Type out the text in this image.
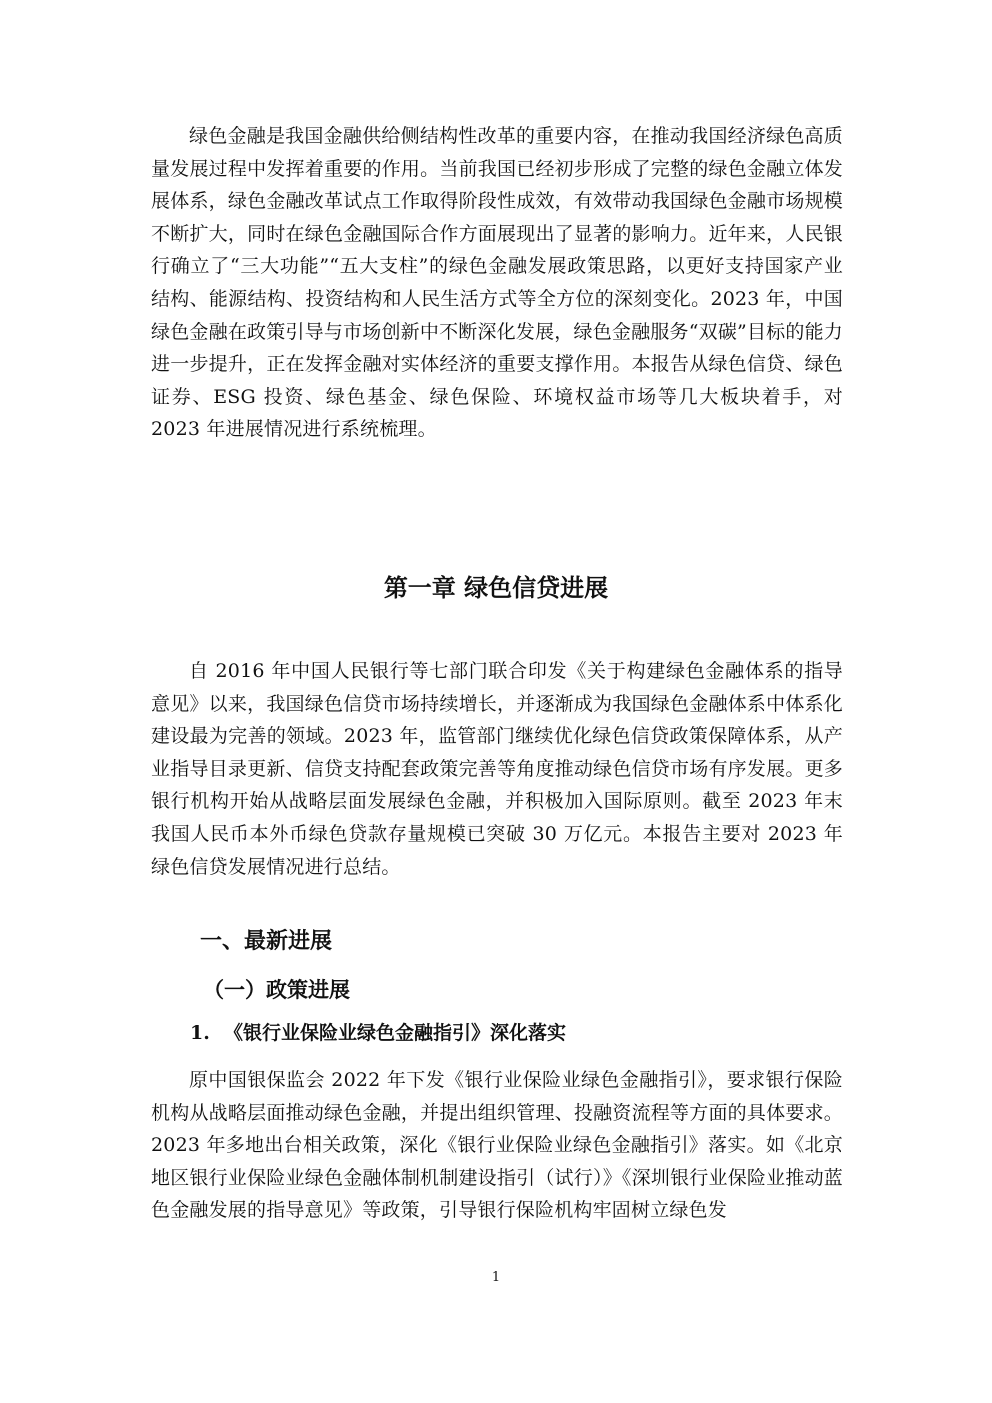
绿色金融是我国金融供给侧结构性改革的重要内容，在推动我国经济绿色高质量发展过程中发挥着重要的作用。当前我国已经初步形成了完整的绿色金融立体发展体系，绿色金融改革试点工作取得阶段性成效，有效带动我国绿色金融市场规模不断扩大，同时在绿色金融国际合作方面展现出了显著的影响力。近年来，人民银行确立了“三大功能”“五大支柱”的绿色金融发展政策思路，以更好支持国家产业结构、能源结构、投资结构和人民生活方式等全方位的深刻变化。2023 年，中国绿色金融在政策引导与市场创新中不断深化发展，绿色金融服务“双碳”目标的能力进一步提升，正在发挥金融对实体经济的重要支撑作用。本报告从绿色信贷、绿色证券、ESG 投资、绿色基金、绿色保险、环境权益市场等几大板块着手，对 2023 年进展情况进行系统梳理。

第一章 绿色信贷进展

自 2016 年中国人民银行等七部门联合印发《关于构建绿色金融体系的指导意见》以来，我国绿色信贷市场持续增长，并逐渐成为我国绿色金融体系中体系化建设最为完善的领域。2023 年，监管部门继续优化绿色信贷政策保障体系，从产业指导目录更新、信贷支持配套政策完善等角度推动绿色信贷市场有序发展。更多银行机构开始从战略层面发展绿色金融，并积极加入国际原则。截至 2023 年末我国人民币本外币绿色贷款存量规模已突破 30 万亿元。本报告主要对 2023 年绿色信贷发展情况进行总结。

一、最新进展
（一）政策进展
1. 《银行业保险业绿色金融指引》深化落实

原中国银保监会 2022 年下发《银行业保险业绿色金融指引》，要求银行保险机构从战略层面推动绿色金融，并提出组织管理、投融资流程等方面的具体要求。2023 年多地出台相关政策，深化《银行业保险业绿色金融指引》落实。如《北京地区银行业保险业绿色金融体制机制建设指引（试行）》《深圳银行业保险业推动蓝色金融发展的指导意见》等政策，引导银行保险机构牢固树立绿色发

1
